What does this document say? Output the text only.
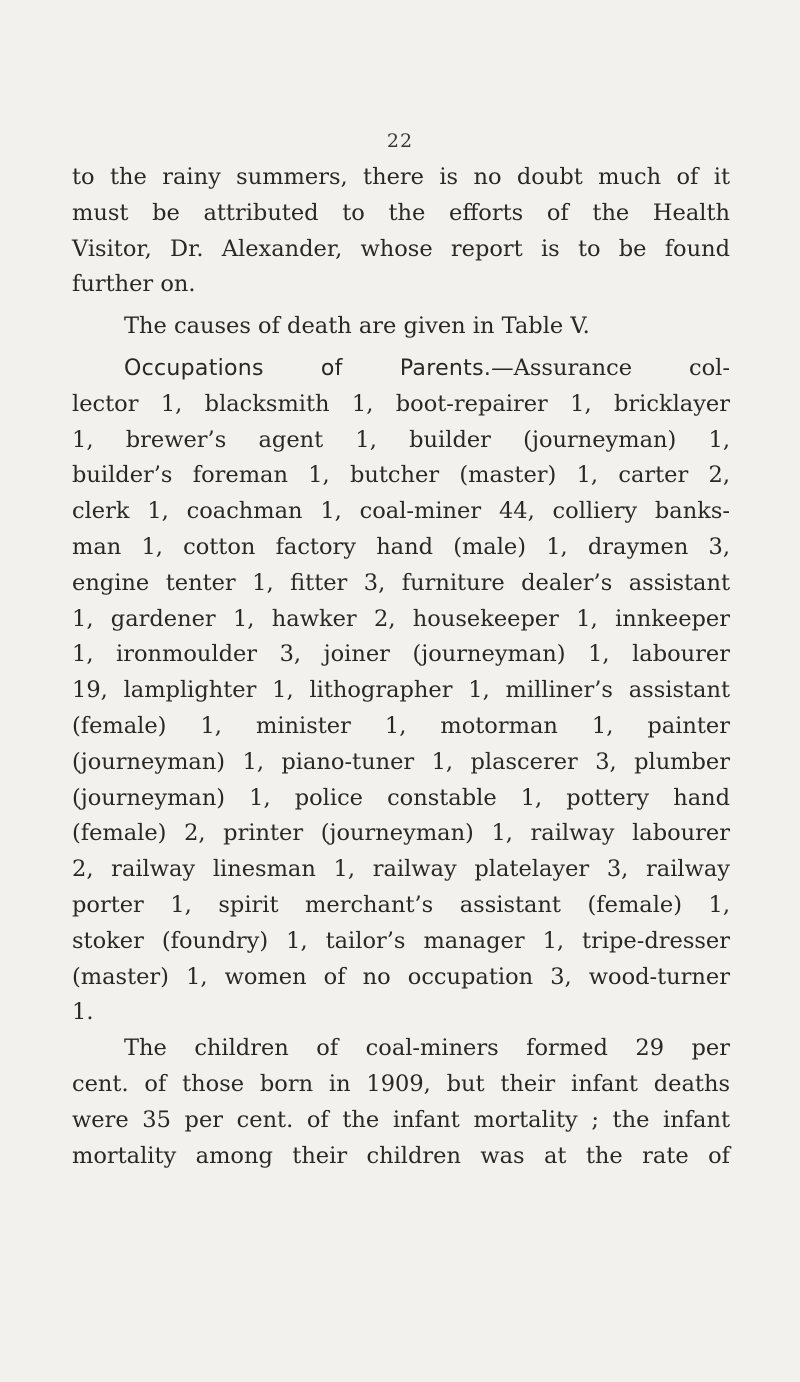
22
to the rainy summers, there is no doubt much of it
must be attributed to the efforts of the Health
Visitor, Dr. Alexander, whose report is to be found
further on.
The causes of death are given in Table V.
Occupations of Parents.—Assurance col-
lector 1, blacksmith 1, boot-repairer 1, bricklayer
1, brewer’s agent 1, builder (journeyman) 1,
builder’s foreman 1, butcher (master) 1, carter 2,
clerk 1, coachman 1, coal-miner 44, colliery banks-
man 1, cotton factory hand (male) 1, draymen 3,
engine tenter 1, fitter 3, furniture dealer’s assistant
1, gardener 1, hawker 2, housekeeper 1, innkeeper
1, ironmoulder 3, joiner (journeyman) 1, labourer
19, lamplighter 1, lithographer 1, milliner’s assistant
(female) 1, minister 1, motorman 1, painter
(journeyman) 1, piano-tuner 1, plascerer 3, plumber
(journeyman) 1, police constable 1, pottery hand
(female) 2, printer (journeyman) 1, railway labourer
2, railway linesman 1, railway platelayer 3, railway
porter 1, spirit merchant’s assistant (female) 1,
stoker (foundry) 1, tailor’s manager 1, tripe-dresser
(master) 1, women of no occupation 3, wood-turner
1.
The children of coal-miners formed 29 per
cent. of those born in 1909, but their infant deaths
were 35 per cent. of the infant mortality ; the infant
mortality among their children was at the rate of
